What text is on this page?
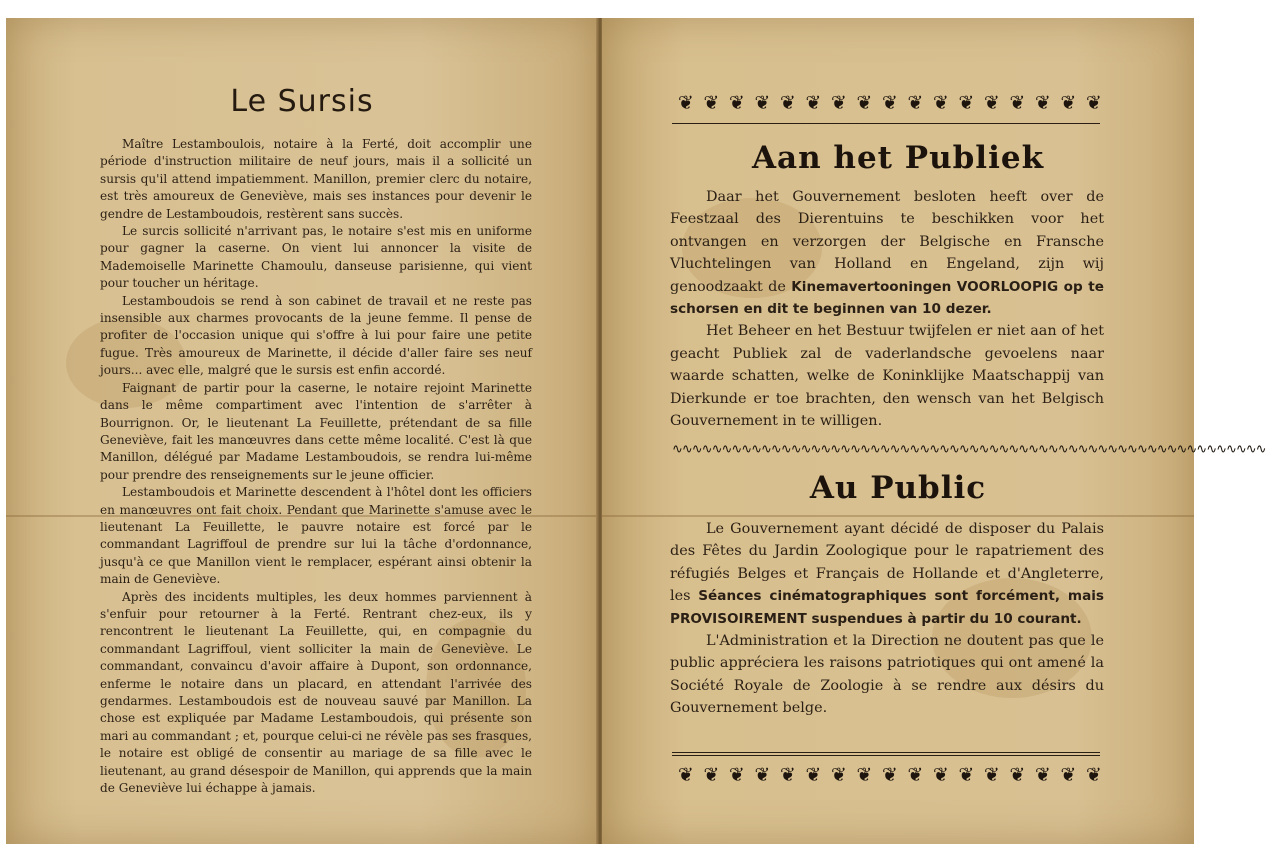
Le Sursis

Maître Lestamboulois, notaire à la Ferté, doit accomplir une période d'instruction militaire de neuf jours, mais il a sollicité un sursis qu'il attend impatiemment. Manillon, premier clerc du notaire, est très amoureux de Geneviève, mais ses instances pour devenir le gendre de Lestamboudois, restèrent sans succès.

Le surcis sollicité n'arrivant pas, le notaire s'est mis en uniforme pour gagner la caserne. On vient lui annoncer la visite de Mademoiselle Marinette Chamoulu, danseuse parisienne, qui vient pour toucher un héritage.

Lestamboudois se rend à son cabinet de travail et ne reste pas insensible aux charmes provocants de la jeune femme. Il pense de profiter de l'occasion unique qui s'offre à lui pour faire une petite fugue. Très amoureux de Marinette, il décide d'aller faire ses neuf jours... avec elle, malgré que le sursis est enfin accordé.

Faignant de partir pour la caserne, le notaire rejoint Marinette dans le même compartiment avec l'intention de s'arrêter à Bourrignon. Or, le lieutenant La Feuillette, prétendant de sa fille Geneviève, fait les manœuvres dans cette même localité. C'est là que Manillon, délégué par Madame Lestamboudois, se rendra lui-même pour prendre des renseignements sur le jeune officier.

Lestamboudois et Marinette descendent à l'hôtel dont les officiers en manœuvres ont fait choix. Pendant que Marinette s'amuse avec le lieutenant La Feuillette, le pauvre notaire est forcé par le commandant Lagriffoul de prendre sur lui la tâche d'ordonnance, jusqu'à ce que Manillon vient le remplacer, espérant ainsi obtenir la main de Geneviève.

Après des incidents multiples, les deux hommes parviennent à s'enfuir pour retourner à la Ferté. Rentrant chez-eux, ils y rencontrent le lieutenant La Feuillette, qui, en compagnie du commandant Lagriffoul, vient solliciter la main de Geneviève. Le commandant, convaincu d'avoir affaire à Dupont, son ordonnance, enferme le notaire dans un placard, en attendant l'arrivée des gendarmes. Lestamboudois est de nouveau sauvé par Manillon. La chose est expliquée par Madame Lestamboudois, qui présente son mari au commandant ; et, pourque celui-ci ne révèle pas ses frasques, le notaire est obligé de consentir au mariage de sa fille avec le lieutenant, au grand désespoir de Manillon, qui apprends que la main de Geneviève lui échappe à jamais.

❦ ❦ ❦ ❦ ❦ ❦ ❦ ❦ ❦ ❦ ❦ ❦ ❦ ❦ ❦ ❦ ❦
Aan het Publiek

Daar het Gouvernement besloten heeft over de Feestzaal des Dierentuins te beschikken voor het ontvangen en verzorgen der Belgische en Fransche Vluchtelingen van Holland en Engeland, zijn wij genoodzaakt de Kinemavertooningen VOORLOOPIG op te schorsen en dit te beginnen van 10 dezer.

Het Beheer en het Bestuur twijfelen er niet aan of het geacht Publiek zal de vaderlandsche gevoelens naar waarde schatten, welke de Koninklijke Maatschappij van Dierkunde er toe brachten, den wensch van het Belgisch Gouvernement in te willigen.

∿∿∿∿∿∿∿∿∿∿∿∿∿∿∿∿∿∿∿∿∿∿∿∿∿∿∿∿∿∿∿∿∿∿∿∿∿∿∿∿∿∿∿∿∿∿∿∿∿∿∿∿∿∿∿∿∿∿∿∿
Au Public

Le Gouvernement ayant décidé de disposer du Palais des Fêtes du Jardin Zoologique pour le rapatriement des réfugiés Belges et Français de Hollande et d'Angleterre, les Séances cinématographiques sont forcément, mais PROVISOIREMENT suspendues à partir du 10 courant.

L'Administration et la Direction ne doutent pas que le public appréciera les raisons patriotiques qui ont amené la Société Royale de Zoologie à se rendre aux désirs du Gouvernement belge.

❦ ❦ ❦ ❦ ❦ ❦ ❦ ❦ ❦ ❦ ❦ ❦ ❦ ❦ ❦ ❦ ❦
